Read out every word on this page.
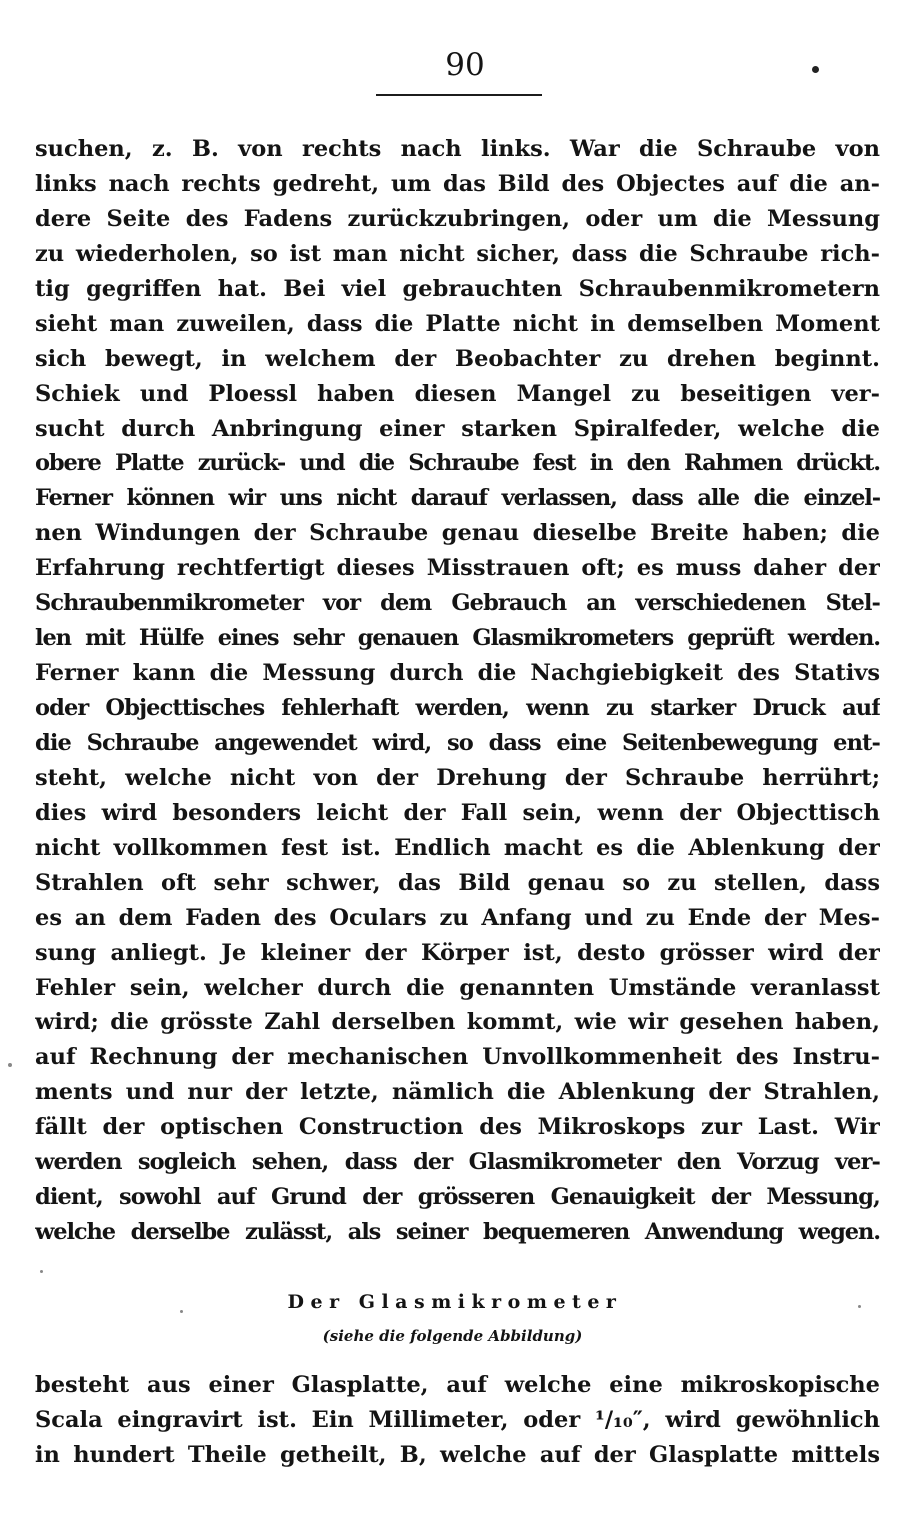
90
suchen, z. B. von rechts nach links. War die Schraube von
links nach rechts gedreht, um das Bild des Objectes auf die an-
dere Seite des Fadens zurückzubringen, oder um die Messung
zu wiederholen, so ist man nicht sicher, dass die Schraube rich-
tig gegriffen hat. Bei viel gebrauchten Schraubenmikrometern
sieht man zuweilen, dass die Platte nicht in demselben Moment
sich bewegt, in welchem der Beobachter zu drehen beginnt.
Schiek und Ploessl haben diesen Mangel zu beseitigen ver-
sucht durch Anbringung einer starken Spiralfeder, welche die
obere Platte zurück- und die Schraube fest in den Rahmen drückt.
Ferner können wir uns nicht darauf verlassen, dass alle die einzel-
nen Windungen der Schraube genau dieselbe Breite haben; die
Erfahrung rechtfertigt dieses Misstrauen oft; es muss daher der
Schraubenmikrometer vor dem Gebrauch an verschiedenen Stel-
len mit Hülfe eines sehr genauen Glasmikrometers geprüft werden.
Ferner kann die Messung durch die Nachgiebigkeit des Stativs
oder Objecttisches fehlerhaft werden, wenn zu starker Druck auf
die Schraube angewendet wird, so dass eine Seitenbewegung ent-
steht, welche nicht von der Drehung der Schraube herrührt;
dies wird besonders leicht der Fall sein, wenn der Objecttisch
nicht vollkommen fest ist. Endlich macht es die Ablenkung der
Strahlen oft sehr schwer, das Bild genau so zu stellen, dass
es an dem Faden des Oculars zu Anfang und zu Ende der Mes-
sung anliegt. Je kleiner der Körper ist, desto grösser wird der
Fehler sein, welcher durch die genannten Umstände veranlasst
wird; die grösste Zahl derselben kommt, wie wir gesehen haben,
auf Rechnung der mechanischen Unvollkommenheit des Instru-
ments und nur der letzte, nämlich die Ablenkung der Strahlen,
fällt der optischen Construction des Mikroskops zur Last. Wir
werden sogleich sehen, dass der Glasmikrometer den Vorzug ver-
dient, sowohl auf Grund der grösseren Genauigkeit der Messung,
welche derselbe zulässt, als seiner bequemeren Anwendung wegen.
Der Glasmikrometer
(siehe die folgende Abbildung)
besteht aus einer Glasplatte, auf welche eine mikroskopische
Scala eingravirt ist. Ein Millimeter, oder ¹/₁₀″, wird gewöhnlich
in hundert Theile getheilt, B, welche auf der Glasplatte mittels
